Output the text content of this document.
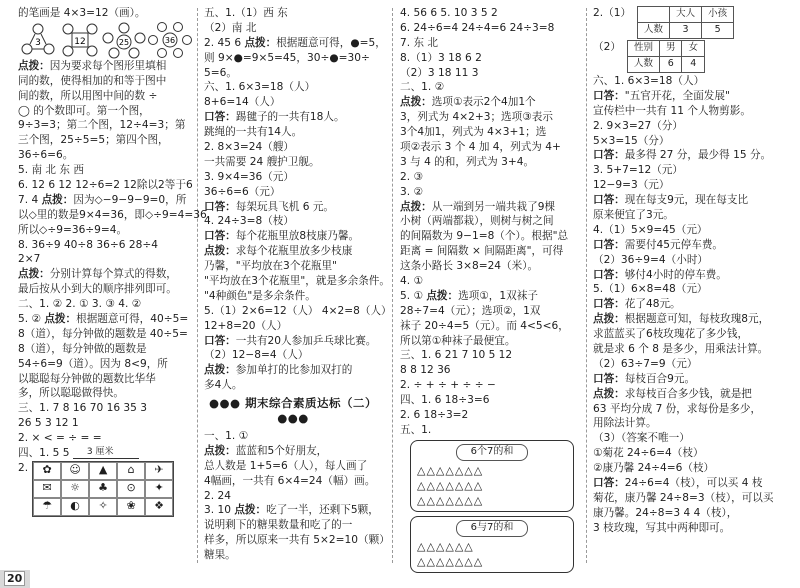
的笔画是 4×3=12（画）。
3	12	25	36
点拨：因为要求每个图形里填相
同的数，使得相加的和等于图中
间的数，所以用图中间的数 ÷
◯ 的个数即可。第一个图，
9÷3=3；第二个图，12÷4=3；第
三个图，25÷5=5；第四个图，
36÷6=6。
5. 南 北 东 西
6. 12 6 12 12÷6=2 12除以2等于6
7. 4 点拨：因为◇−9−9−9=0，所
以◇里的数是9×4=36，即◇÷9=4=36，
所以◇÷9=36÷9=4。
8. 36÷9 40÷8 36÷6 28÷4
2×7
点拨：分别计算每个算式的得数，
最后按从小到大的顺序排列即可。
二、1. ② 2. ① 3. ③ 4. ②
5. ② 点拨：根据题意可得，40÷5=
8（道），每分钟做的题数是 40÷5=
8（道），每分钟做的题数是
54÷6=9（道）。因为 8<9，所
以聪聪每分钟做的题数比华华
多，所以聪聪做得快。
三、1. 7 8 16 70 16 35 3
26 5 3 12 1
2. × < = ÷ = =
四、1. 5 5 3 厘米
2.	✿	☺	▲	⌂	✈
✉	☼	♣	⊙	✦
☂	◐	✧	❀	❖
五、1.（1）西 东
（2）南 北
2. 45 6 点拨：根据题意可得，●=5，
则 9×●=9×5=45，30÷●=30÷
5=6。
六、1. 6×3=18（人）
8+6=14（人）
口答：踢毽子的一共有18人。
跳绳的一共有14人。
2. 8×3=24（艘）
一共需要 24 艘护卫舰。
3. 9×4=36（元）
36÷6=6（元）
口答：每架玩具飞机 6 元。
4. 24÷3=8（枝）
口答：每个花瓶里放8枝康乃馨。
点拨：求每个花瓶里放多少枝康
乃馨，"平均放在3个花瓶里"
"平均放在3个花瓶里"，就是多余条件。
"4种颜色"是多余条件。
5.（1）2×6=12（人） 4×2=8（人）
12+8=20（人）
口答：一共有20人参加乒乓球比赛。
（2）12−8=4（人）
点拨：参加单打的比参加双打的
多4人。
●●● 期末综合素质达标（二） ●●●
一、1. ①
点拨：蓝蓝和5个好朋友，
总人数是 1+5=6（人），每人画了
4幅画，一共有 6×4=24（幅）画。
2. 24
3. 10 点拨：吃了一半，还剩下5颗，
说明剩下的糖果数量和吃了的一
样多，所以原来一共有 5×2=10（颗）
糖果。
4. 56 6 5. 10 3 5 2
6. 24÷6=4 24÷4=6 24÷3=8
7. 东 北
8.（1）3 18 6 2
（2）3 18 11 3
二、1. ②
点拨：选项①表示2个4加1个
3，列式为 4×2+3；选项③表示
3个4加1，列式为 4×3+1；选
项②表示 3 个 4 加 4，列式为 4+
3 与 4 的和，列式为 3+4。
2. ③
3. ②
点拨：从一端到另一端共栽了9棵
小树（两端都栽），则树与树之间
的间隔数为 9−1=8（个）。根据"总
距离 = 间隔数 × 间隔距离"，可得
这条小路长 3×8=24（米）。
4. ①
5. ① 点拨：选项①，1双袜子
28÷7=4（元）；选项②，1双
袜子 20÷4=5（元）。而 4<5<6，
所以第①种袜子最便宜。
三、1. 6 21 7 10 5 12
8 8 12 36
2. ÷ + ÷ + ÷ ÷ −
四、1. 6 18÷3=6
2. 6 18÷3=2
五、1.
6个7的和
△△△△△△△
△△△△△△△
△△△△△△△
6与7的和
△△△△△△
△△△△△△△
2.（1）
		大人	小孩
人数	3	5
（2） 性别	男	女
人数	6	4
六、1. 6×3=18（人）
口答："五官开花，全面发展"
宣传栏中一共有 11 个人物剪影。
2. 9×3=27（分）
5×3=15（分）
口答：最多得 27 分，最少得 15 分。
3. 5+7=12（元）
12−9=3（元）
口答：现在每支9元，现在每支比
原来便宜了3元。
4.（1）5×9=45（元）
口答：需要付45元停车费。
（2）36÷9=4（小时）
口答：够付4小时的停车费。
5.（1）6×8=48（元）
口答：花了48元。
点拨：根据题意可知，每枝玫瑰8元，
求蓝蓝买了6枝玫瑰花了多少钱，
就是求 6 个 8 是多少，用乘法计算。
（2）63÷7=9（元）
口答：每枝百合9元。
点拨：求每枝百合多少钱，就是把
63 平均分成 7 份，求每份是多少，
用除法计算。
（3）（答案不唯一）
①菊花 24÷6=4（枝）
②康乃馨 24÷4=6（枝）
口答：24÷6=4（枝），可以买 4 枝
菊花，康乃馨 24÷8=3（枝），可以买
康乃馨。24÷8=3 4 4（枝），
3 枝玫瑰，写其中两种即可。
20
